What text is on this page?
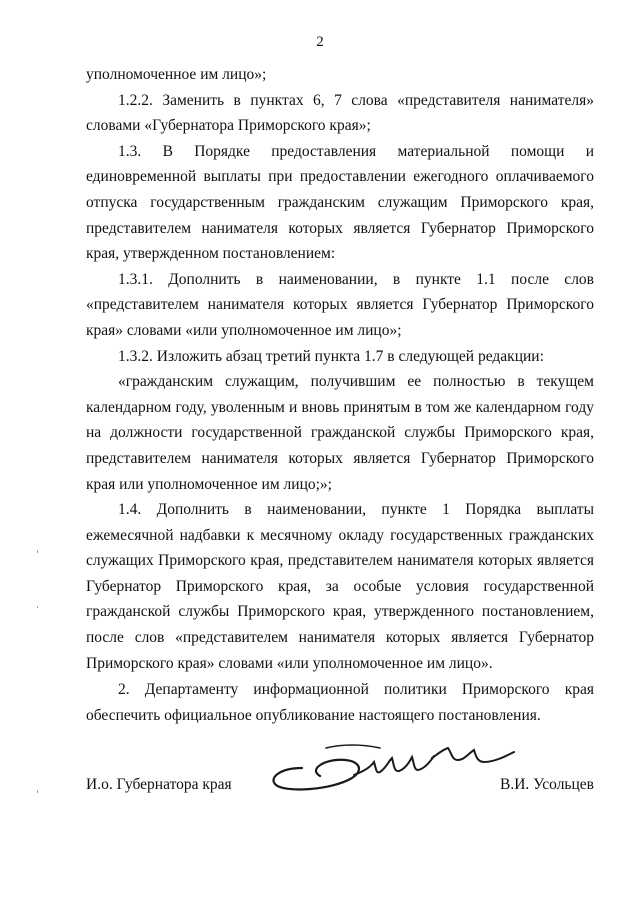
2

уполномоченное им лицо»;

1.2.2. Заменить в пунктах 6, 7 слова «представителя нанимателя» словами «Губернатора Приморского края»;

1.3. В Порядке предоставления материальной помощи и единовременной выплаты при предоставлении ежегодного оплачиваемого отпуска государственным гражданским служащим Приморского края, представителем нанимателя которых является Губернатор Приморского края, утвержденном постановлением:

1.3.1. Дополнить в наименовании, в пункте 1.1 после слов «представителем нанимателя которых является Губернатор Приморского края» словами «или уполномоченное им лицо»;

1.3.2. Изложить абзац третий пункта 1.7 в следующей редакции:

«гражданским служащим, получившим ее полностью в текущем календарном году, уволенным и вновь принятым в том же календарном году на должности государственной гражданской службы Приморского края, представителем нанимателя которых является Губернатор Приморского края или уполномоченное им лицо;»;

1.4. Дополнить в наименовании, пункте 1 Порядка выплаты ежемесячной надбавки к месячному окладу государственных гражданских служащих Приморского края, представителем нанимателя которых является Губернатор Приморского края, за особые условия государственной гражданской службы Приморского края, утвержденного постановлением, после слов «представителем нанимателя которых является Губернатор Приморского края» словами «или уполномоченное им лицо».

2. Департаменту информационной политики Приморского края обеспечить официальное опубликование настоящего постановления.

И.о. Губернатора края	В.И. Усольцев
